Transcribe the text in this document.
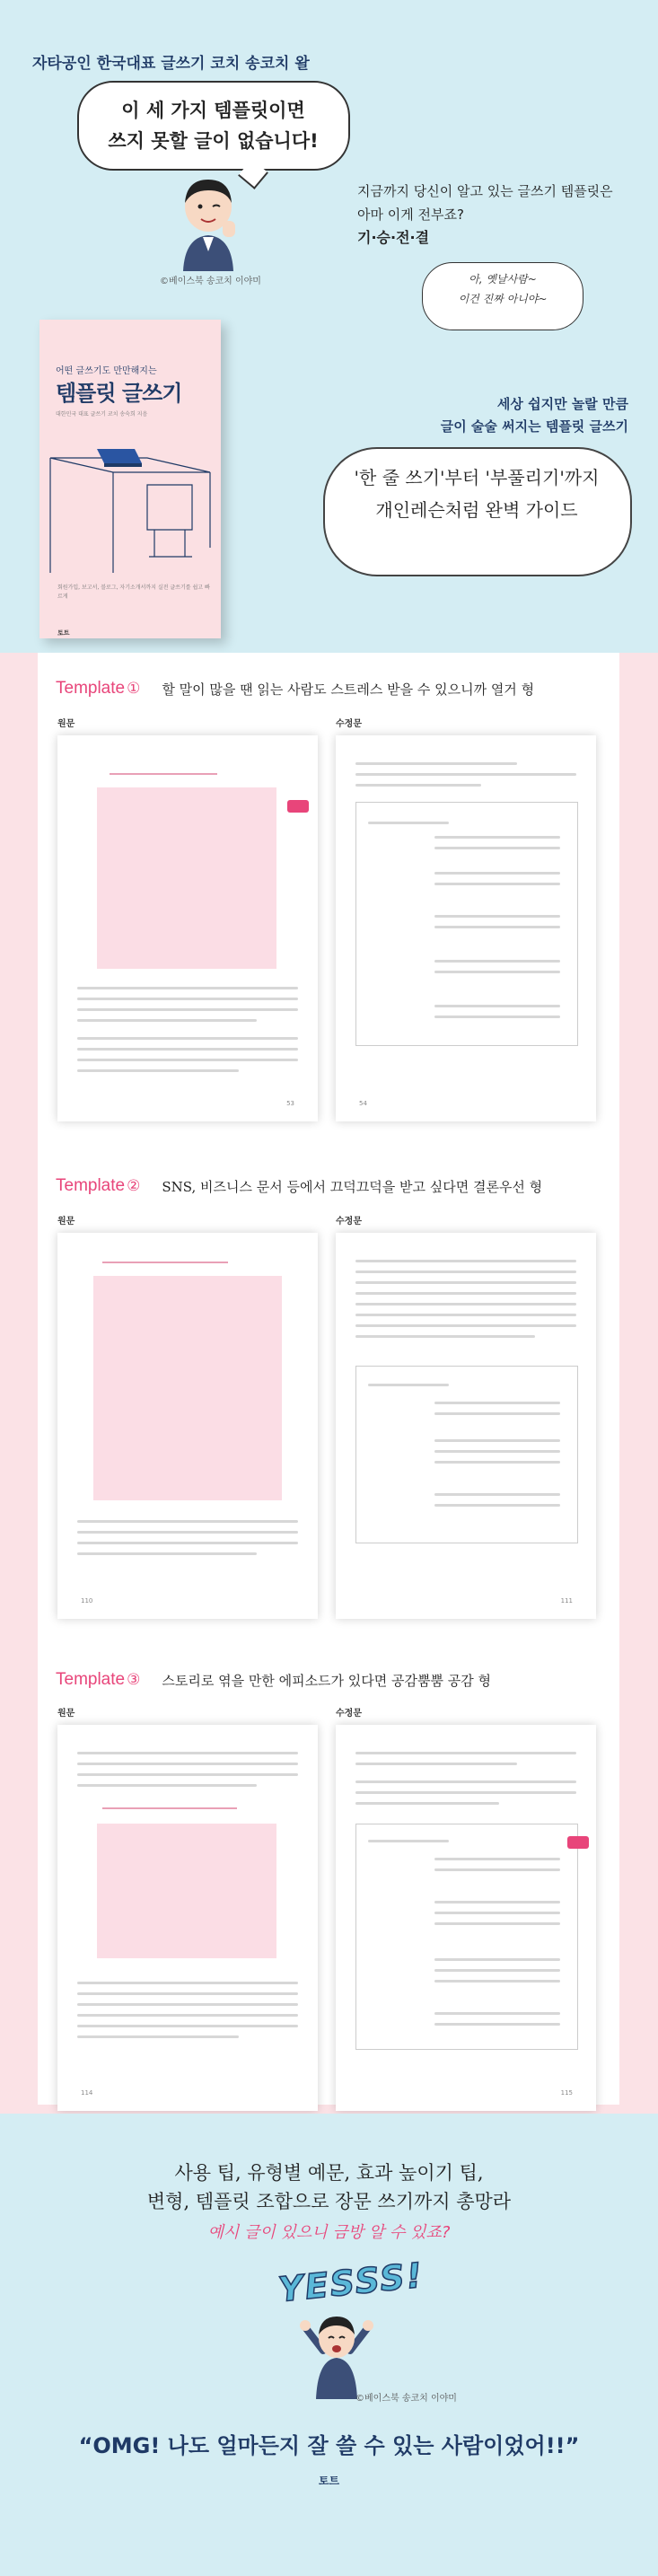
자타공인 한국대표 글쓰기 코치 송코치 왈
이 세 가지 템플릿이면
쓰지 못할 글이 없습니다!
©베이스북 송코치 이야미
지금까지 당신이 알고 있는 글쓰기 템플릿은
아마 이게 전부죠?
기·승·전·결
아, 옛날사람~
이건 진짜 아니야~
어떤 글쓰기도 만만해지는
템플릿 글쓰기
대한민국 대표 글쓰기 코치 송숙희 지음
회원가입, 보고서, 블로그, 자기소개서까지 실전 글쓰기를 쉽고 빠르게
토트
세상 쉽지만 놀랄 만큼
글이 술술 써지는 템플릿 글쓰기
'한 줄 쓰기'부터 '부풀리기'까지
개인레슨처럼 완벽 가이드
Template ① 할 말이 많을 땐 읽는 사람도 스트레스 받을 수 있으니까 열거 형
원문	수정문
53	54
Template ② SNS, 비즈니스 문서 등에서 끄덕끄덕을 받고 싶다면 결론우선 형
원문	수정문
110	111
Template ③ 스토리로 엮을 만한 에피소드가 있다면 공감뿜뿜 공감 형
원문	수정문
114	115
사용 팁, 유형별 예문, 효과 높이기 팁,
변형, 템플릿 조합으로 장문 쓰기까지 총망라
예시 글이 있으니 금방 알 수 있죠?
YESSS!
©베이스북 송코치 이야미
“OMG! 나도 얼마든지 잘 쓸 수 있는 사람이었어!!”
토트
